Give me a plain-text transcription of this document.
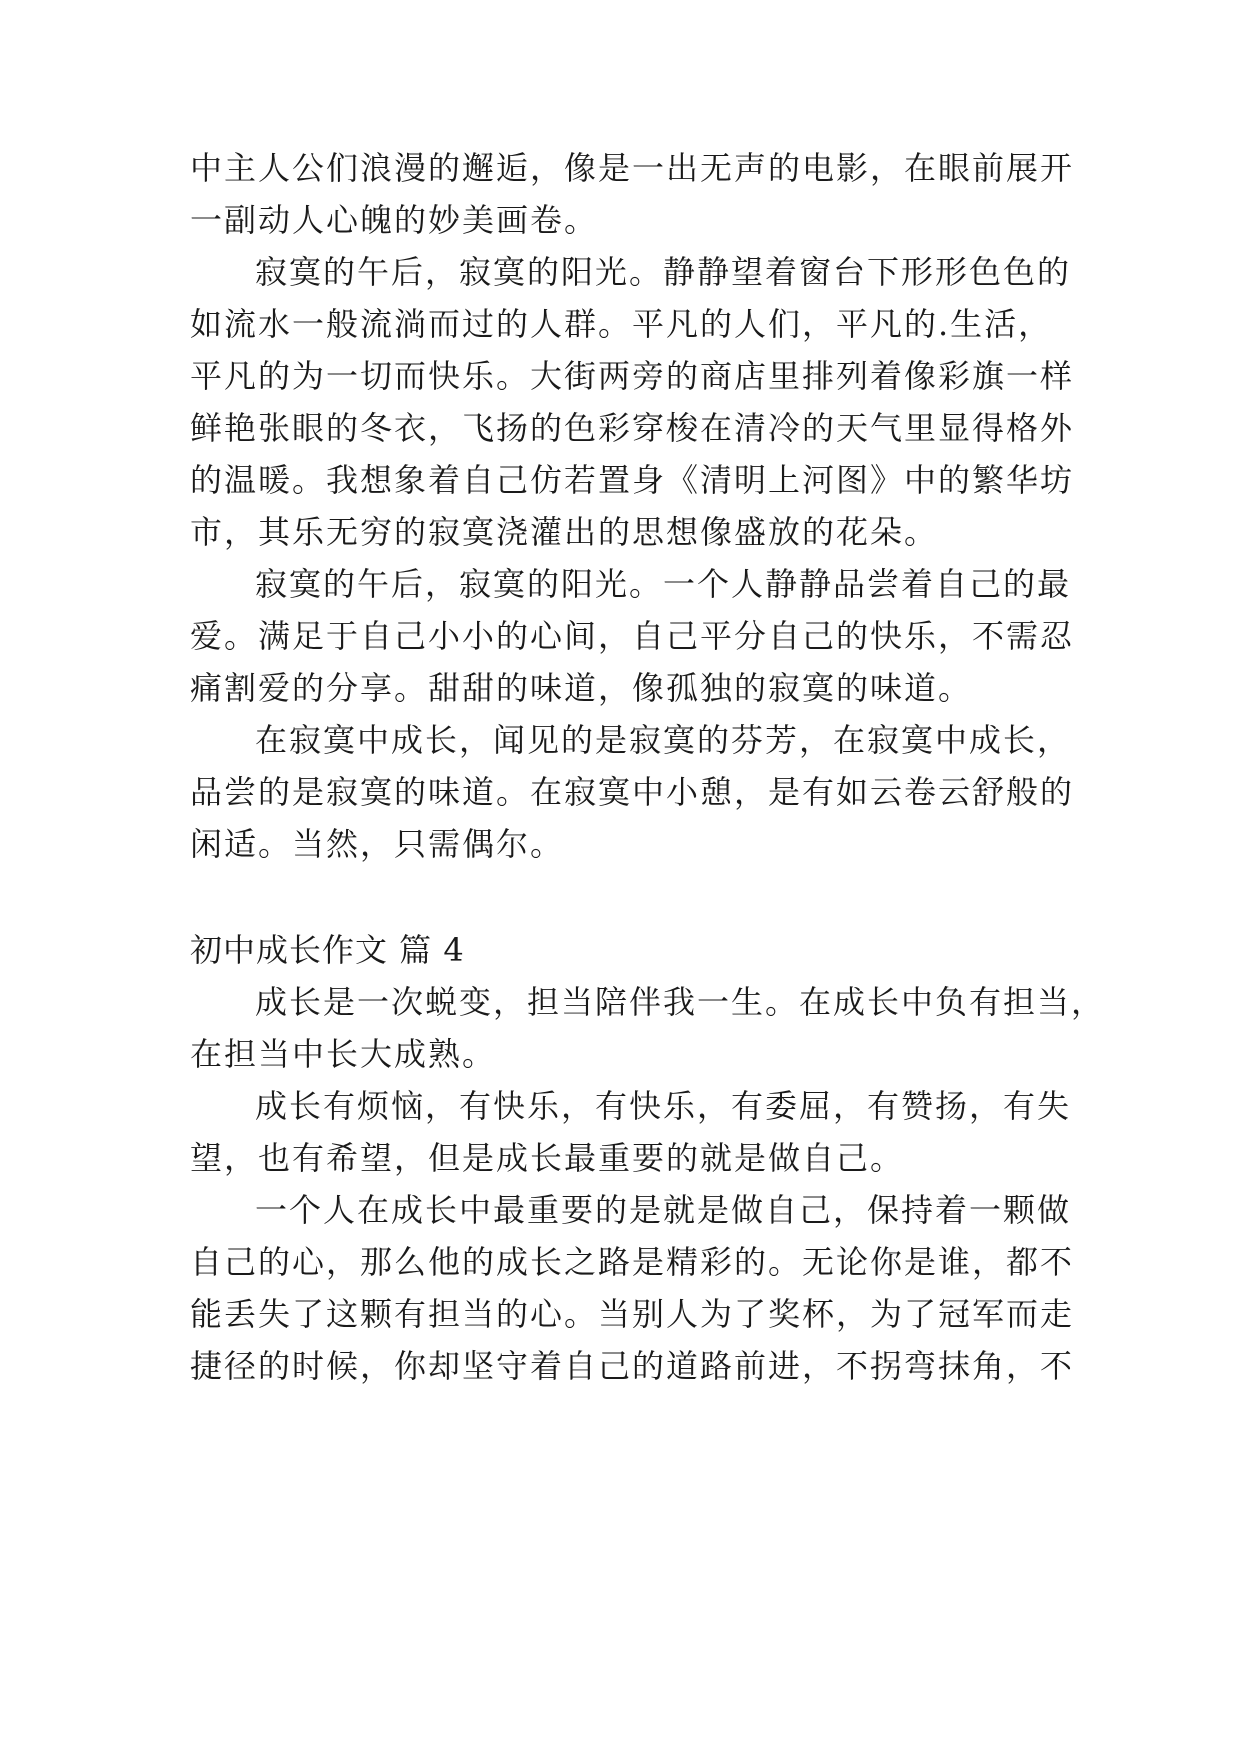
中主人公们浪漫的邂逅，像是一出无声的电影，在眼前展开
一副动人心魄的妙美画卷。
寂寞的午后，寂寞的阳光。静静望着窗台下形形色色的
如流水一般流淌而过的人群。平凡的人们，平凡的.生活，
平凡的为一切而快乐。大街两旁的商店里排列着像彩旗一样
鲜艳张眼的冬衣，飞扬的色彩穿梭在清冷的天气里显得格外
的温暖。我想象着自己仿若置身《清明上河图》中的繁华坊
市，其乐无穷的寂寞浇灌出的思想像盛放的花朵。
寂寞的午后，寂寞的阳光。一个人静静品尝着自己的最
爱。满足于自己小小的心间，自己平分自己的快乐，不需忍
痛割爱的分享。甜甜的味道，像孤独的寂寞的味道。
在寂寞中成长，闻见的是寂寞的芬芳，在寂寞中成长，
品尝的是寂寞的味道。在寂寞中小憩，是有如云卷云舒般的
闲适。当然，只需偶尔。
初中成长作文 篇 4
成长是一次蜕变，担当陪伴我一生。在成长中负有担当，
在担当中长大成熟。
成长有烦恼，有快乐，有快乐，有委屈，有赞扬，有失
望，也有希望，但是成长最重要的就是做自己。
一个人在成长中最重要的是就是做自己，保持着一颗做
自己的心，那么他的成长之路是精彩的。无论你是谁，都不
能丢失了这颗有担当的心。当别人为了奖杯，为了冠军而走
捷径的时候，你却坚守着自己的道路前进，不拐弯抹角，不
